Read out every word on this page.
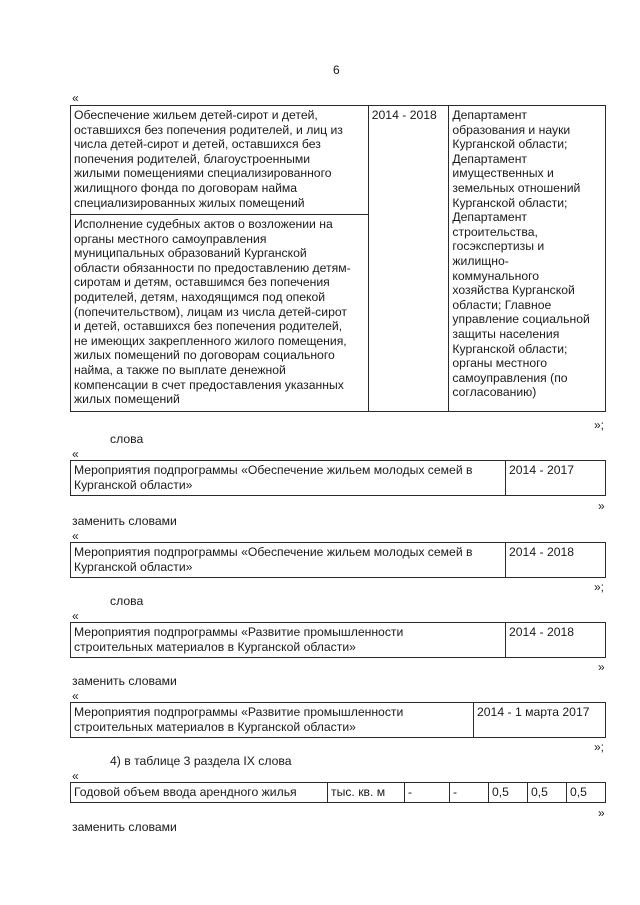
6
«
Обеспечение жильем детей-сирот и детей,
оставшихся без попечения родителей, и лиц из
числа детей-сирот и детей, оставшихся без
попечения родителей, благоустроенными
жилыми помещениями специализированного
жилищного фонда по договорам найма
специализированных жилых помещений	2014 - 2018	Департамент
образования и науки
Курганской области;
Департамент
имущественных и
земельных отношений
Курганской области;
Департамент
строительства,
госэкспертизы и
жилищно-
коммунального
хозяйства Курганской
области; Главное
управление социальной
защиты населения
Курганской области;
органы местного
самоуправления (по
согласованию)
Исполнение судебных актов о возложении на
органы местного самоуправления
муниципальных образований Курганской
области обязанности по предоставлению детям-
сиротам и детям, оставшимся без попечения
родителей, детям, находящимся под опекой
(попечительством), лицам из числа детей-сирот
и детей, оставшихся без попечения родителей,
не имеющих закрепленного жилого помещения,
жилых помещений по договорам социального
найма, а также по выплате денежной
компенсации в счет предоставления указанных
жилых помещений
»;
слова
«
Мероприятия подпрограммы «Обеспечение жильем молодых семей в
Курганской области»	2014 - 2017
»
заменить словами
«
Мероприятия подпрограммы «Обеспечение жильем молодых семей в
Курганской области»	2014 - 2018
»;
слова
«
Мероприятия подпрограммы «Развитие промышленности
строительных материалов в Курганской области»	2014 - 2018
»
заменить словами
«
Мероприятия подпрограммы «Развитие промышленности
строительных материалов в Курганской области»	2014 - 1 марта 2017
»;
4) в таблице 3 раздела IX слова
«
Годовой объем ввода арендного жилья	тыс. кв. м	-	-	0,5	0,5	0,5
»
заменить словами
